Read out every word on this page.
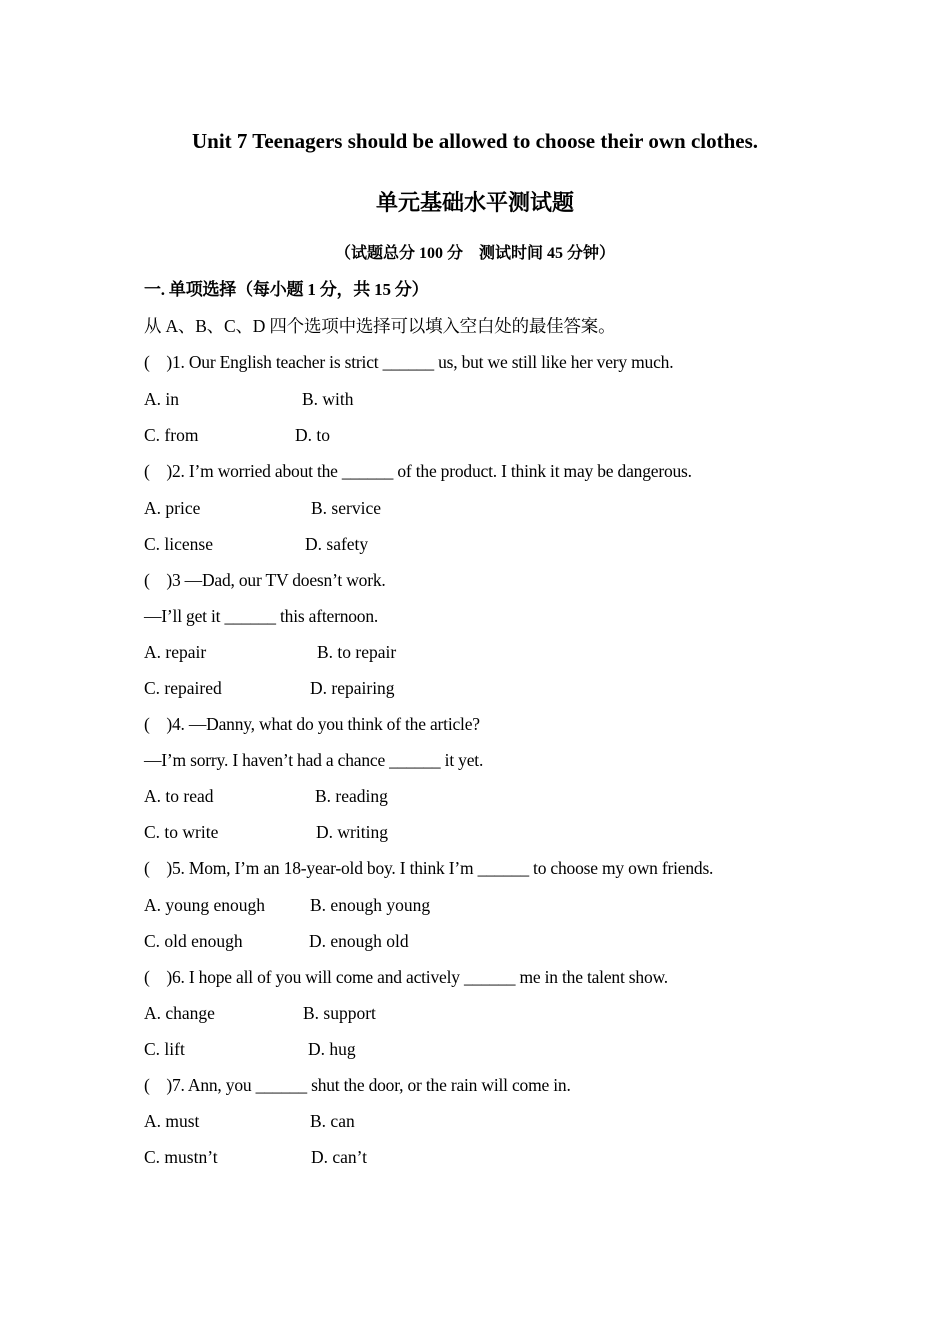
Unit 7 Teenagers should be allowed to choose their own clothes.
单元基础水平测试题
（试题总分 100 分　测试时间 45 分钟）
一. 单项选择（每小题 1 分，共 15 分）
从 A、B、C、D 四个选项中选择可以填入空白处的最佳答案。
(    )1. Our English teacher is strict ______ us, but we still like her very much.
A. in	B. with
C. from	D. to
(    )2. I’m worried about the ______ of the product. I think it may be dangerous.
A. price	B. service
C. license	D. safety
(    )3 —Dad, our TV doesn’t work.
—I’ll get it ______ this afternoon.
A. repair	B. to repair
C. repaired	D. repairing
(    )4. —Danny, what do you think of the article?
—I’m sorry. I haven’t had a chance ______ it yet.
A. to read	B. reading
C. to write	D. writing
(    )5. Mom, I’m an 18-year-old boy. I think I’m ______ to choose my own friends.
A. young enough	B. enough young
C. old enough	D. enough old
(    )6. I hope all of you will come and actively ______ me in the talent show.
A. change	B. support
C. lift	D. hug
(    )7. Ann, you ______ shut the door, or the rain will come in.
A. must	B. can
C. mustn’t	D. can’t
